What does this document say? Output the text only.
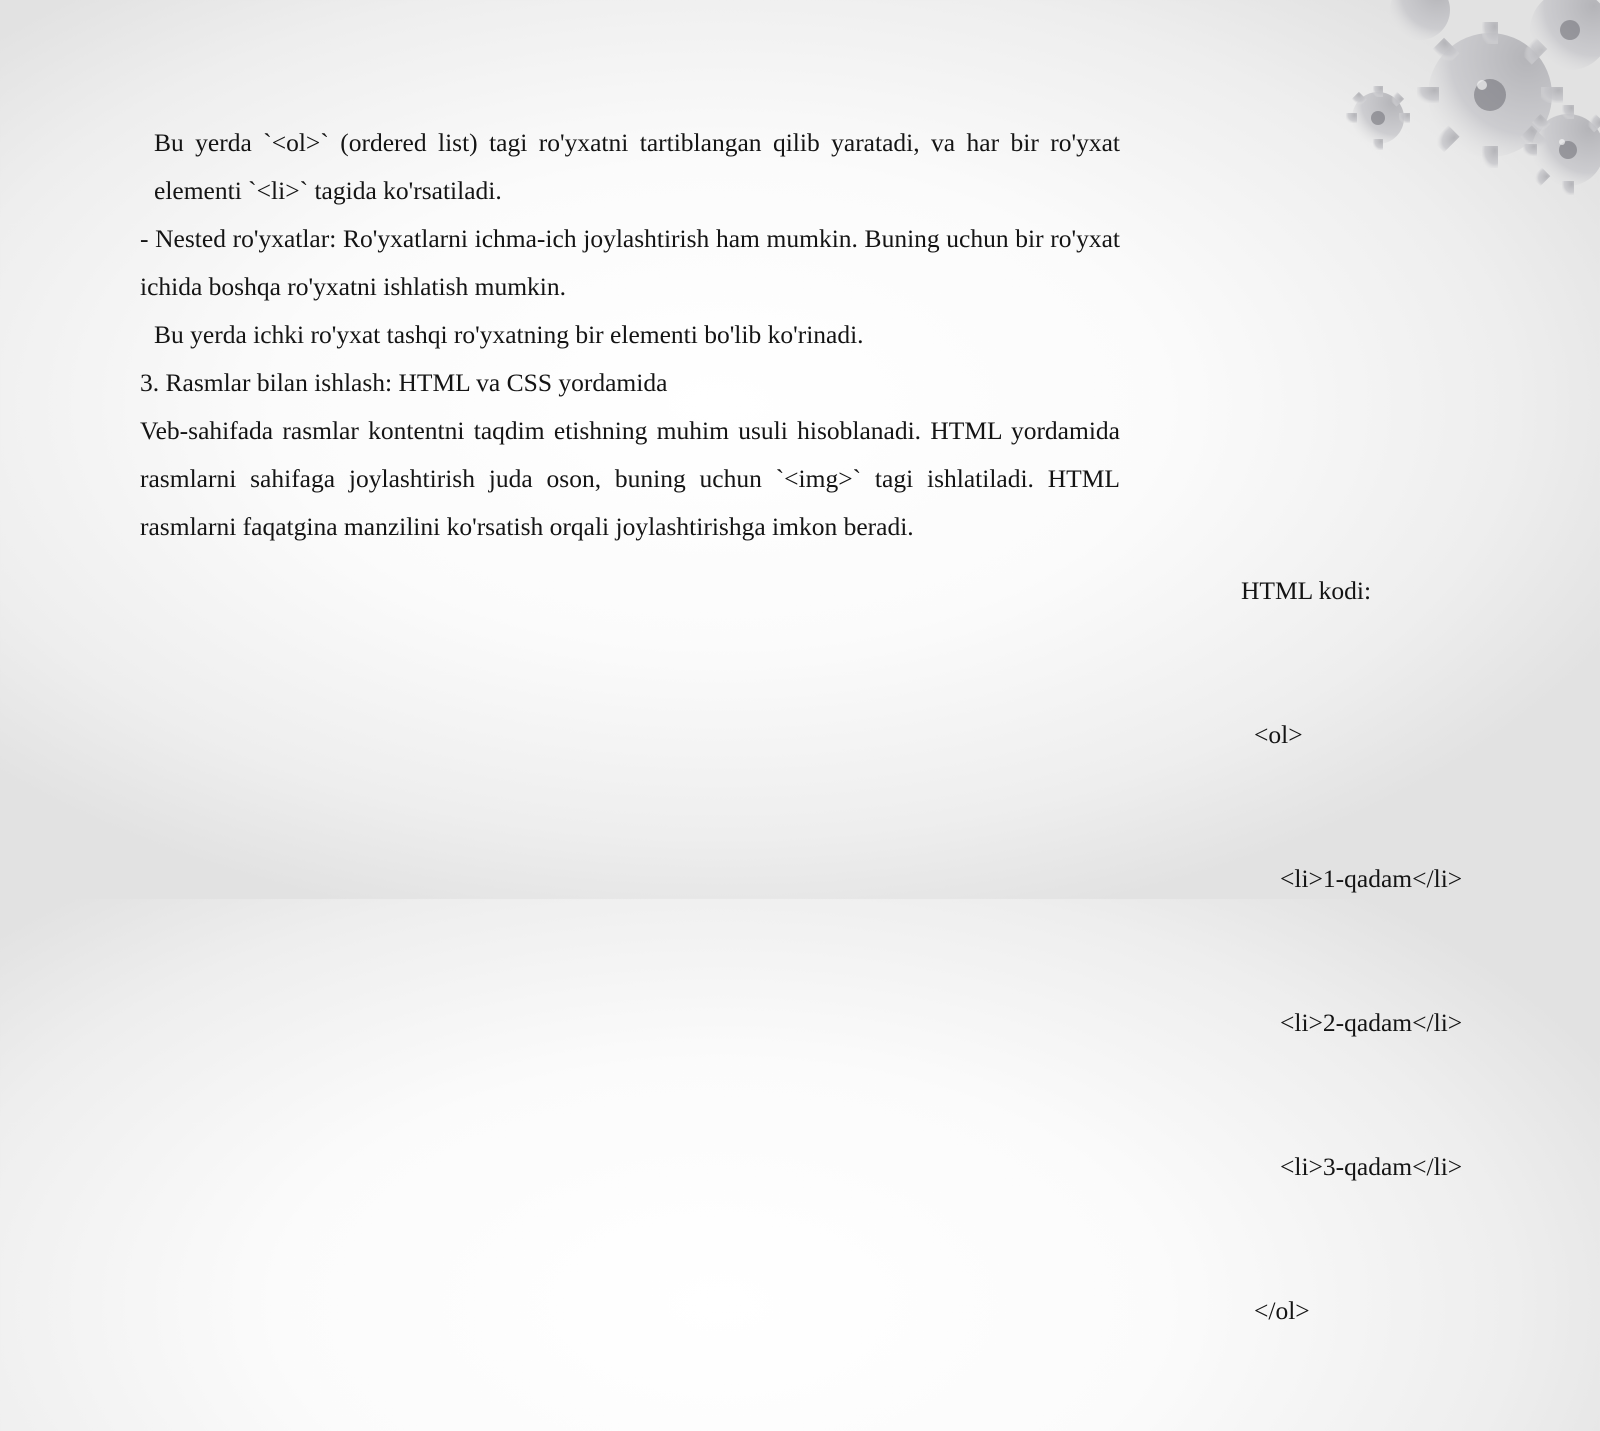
Bu yerda `<ol>` (ordered list) tagi ro'yxatni tartiblangan qilib yaratadi, va har bir ro'yxat elementi `<li>` tagida ko'rsatiladi.

- Nested ro'yxatlar: Ro'yxatlarni ichma-ich joylashtirish ham mumkin. Buning uchun bir ro'yxat ichida boshqa ro'yxatni ishlatish mumkin.

Bu yerda ichki ro'yxat tashqi ro'yxatning bir elementi bo'lib ko'rinadi.

3. Rasmlar bilan ishlash: HTML va CSS yordamida

Veb-sahifada rasmlar kontentni taqdim etishning muhim usuli hisoblanadi. HTML yordamida rasmlarni sahifaga joylashtirish juda oson, buning uchun `<img>` tagi ishlatiladi. HTML rasmlarni faqatgina manzilini ko'rsatish orqali joylashtirishga imkon beradi.

HTML kodi:

<ol>

<li>1-qadam</li>

<li>2-qadam</li>

<li>3-qadam</li>

</ol>
